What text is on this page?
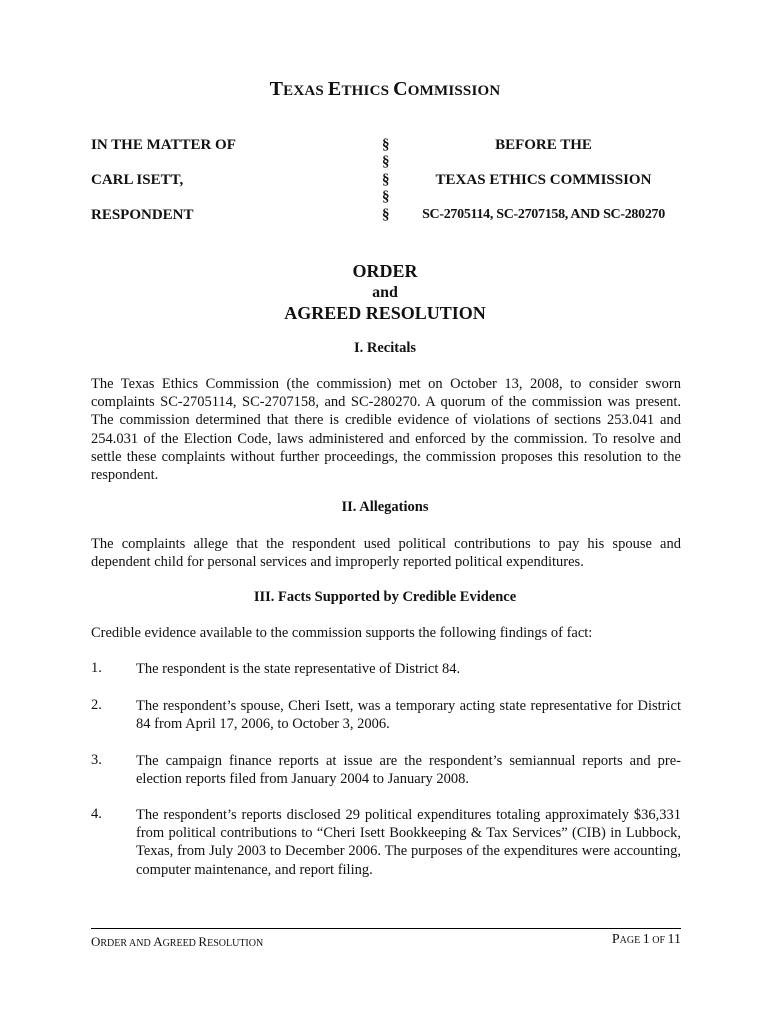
TEXAS ETHICS COMMISSION
IN THE MATTER OF
CARL ISETT,
RESPONDENT
§
§
§
§
§
BEFORE THE
TEXAS ETHICS COMMISSION
SC-2705114, SC-2707158, AND SC-280270
ORDER
and
AGREED RESOLUTION
I. Recitals

The Texas Ethics Commission (the commission) met on October 13, 2008, to consider sworn complaints SC-2705114, SC-2707158, and SC-280270. A quorum of the commission was present. The commission determined that there is credible evidence of violations of sections 253.041 and 254.031 of the Election Code, laws administered and enforced by the commission. To resolve and settle these complaints without further proceedings, the commission proposes this resolution to the respondent.

II. Allegations

The complaints allege that the respondent used political contributions to pay his spouse and dependent child for personal services and improperly reported political expenditures.

III. Facts Supported by Credible Evidence

Credible evidence available to the commission supports the following findings of fact:

1. The respondent is the state representative of District 84.

2. The respondent’s spouse, Cheri Isett, was a temporary acting state representative for District 84 from April 17, 2006, to October 3, 2006.

3. The campaign finance reports at issue are the respondent’s semiannual reports and pre-election reports filed from January 2004 to January 2008.

4. The respondent’s reports disclosed 29 political expenditures totaling approximately $36,331 from political contributions to “Cheri Isett Bookkeeping & Tax Services” (CIB) in Lubbock, Texas, from July 2003 to December 2006. The purposes of the expenditures were accounting, computer maintenance, and report filing.

ORDER AND AGREED RESOLUTION	PAGE 1 OF 11
